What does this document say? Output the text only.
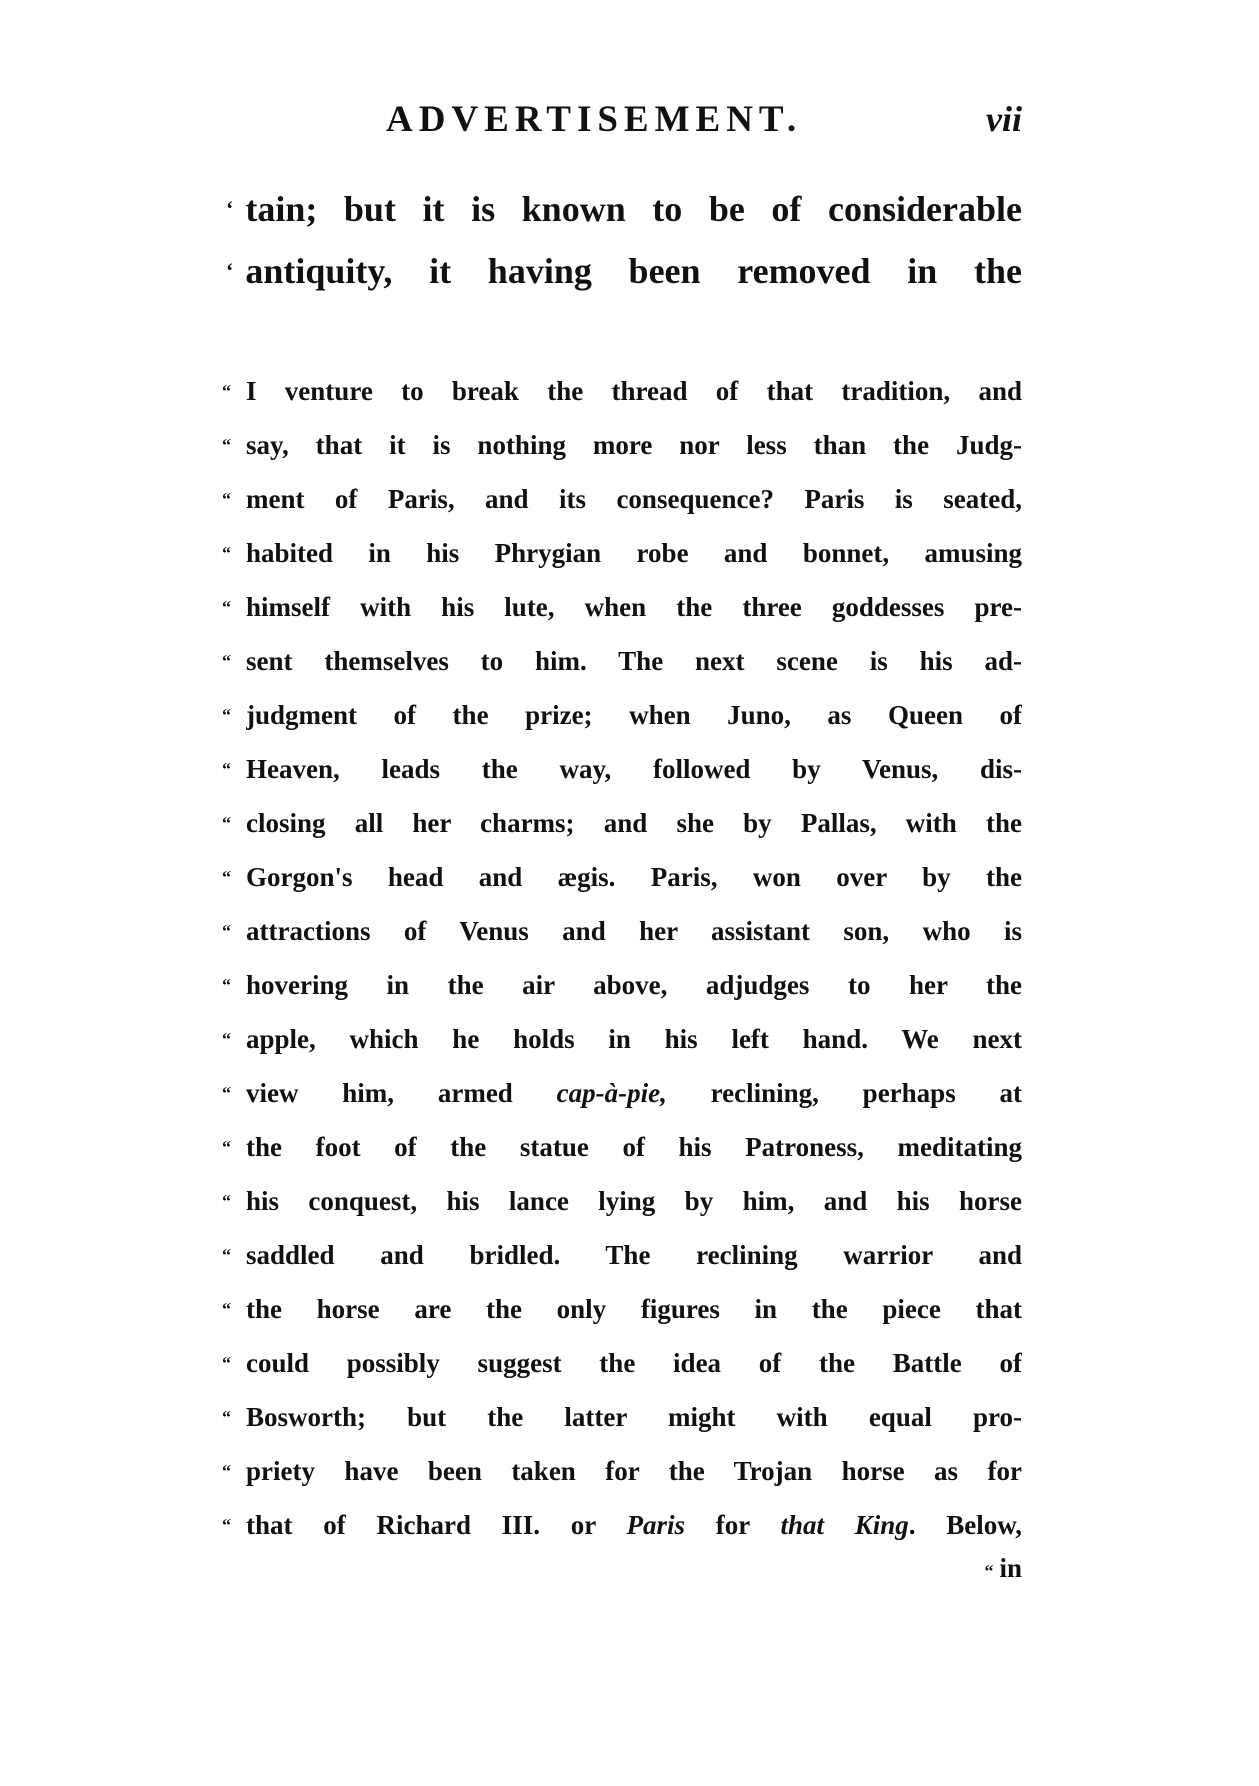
ADVERTISEMENT.	vii
‘ tain; but it is known to be of considerable
‘ antiquity, it having been removed in the
“ I venture to break the thread of that tradition, and
“ say, that it is nothing more nor less than the Judg-
“ ment of Paris, and its consequence? Paris is seated,
“ habited in his Phrygian robe and bonnet, amusing
“ himself with his lute, when the three goddesses pre-
“ sent themselves to him. The next scene is his ad-
“ judgment of the prize; when Juno, as Queen of
“ Heaven, leads the way, followed by Venus, dis-
“ closing all her charms; and she by Pallas, with the
“ Gorgon's head and ægis. Paris, won over by the
“ attractions of Venus and her assistant son, who is
“ hovering in the air above, adjudges to her the
“ apple, which he holds in his left hand. We next
“ view him, armed cap-à-pie, reclining, perhaps at
“ the foot of the statue of his Patroness, meditating
“ his conquest, his lance lying by him, and his horse
“ saddled and bridled. The reclining warrior and
“ the horse are the only figures in the piece that
“ could possibly suggest the idea of the Battle of
“ Bosworth; but the latter might with equal pro-
“ priety have been taken for the Trojan horse as for
“ that of Richard III. or Paris for that King. Below,
“ in
